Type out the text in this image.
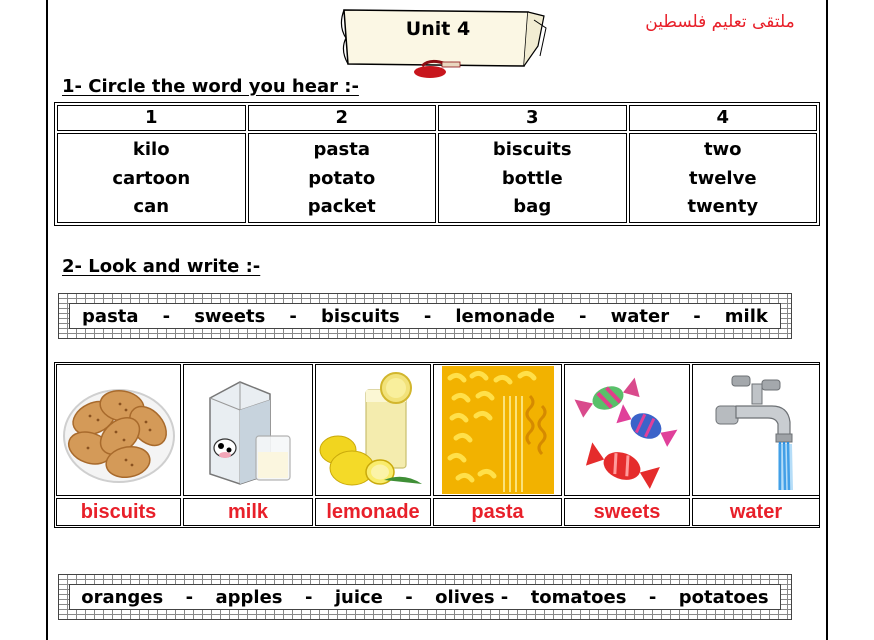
Unit 4	ملتقى تعليم فلسطين
1- Circle the word you hear :-
1	2	3	4

kilo
cartoon
can	pasta
potato
packet	biscuits
bottle
bag	two
twelve
twenty
2- Look and write :-
pasta - sweets - biscuits - lemonade - water - milk
biscuits	milk	lemonade	pasta	sweets	water
oranges - apples - juice - olives - tomatoes - potatoes
